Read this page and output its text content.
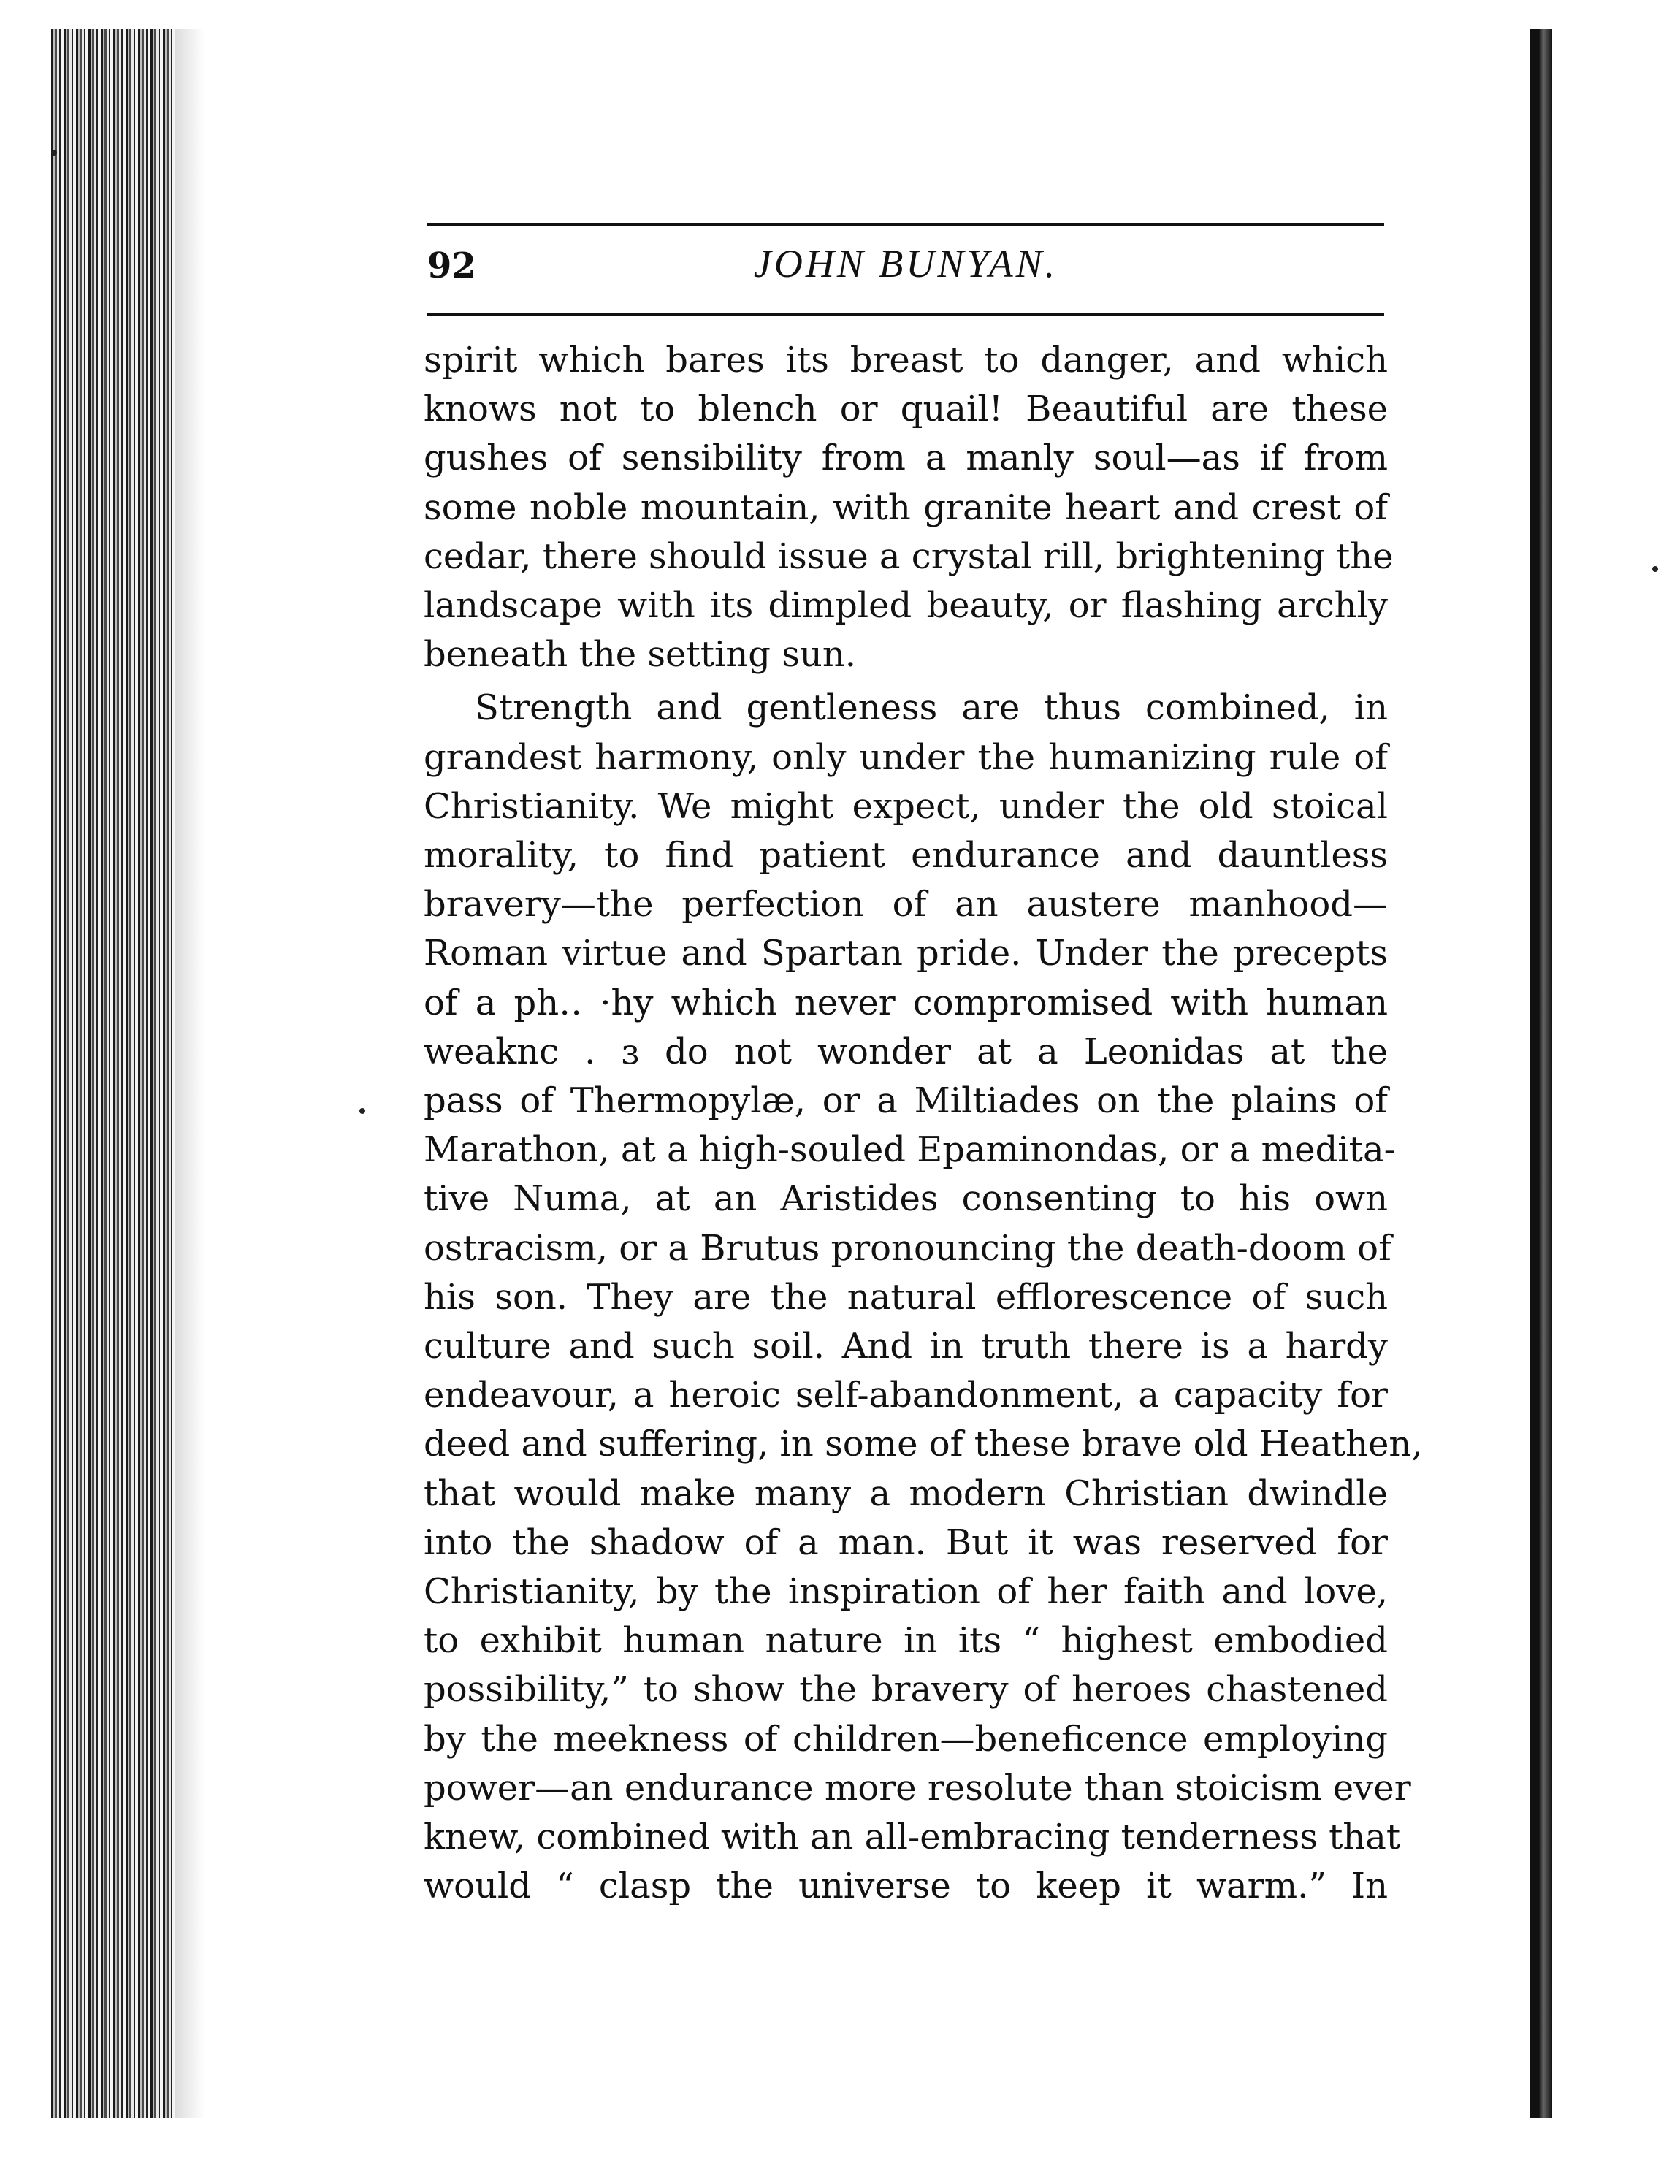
92	JOHN BUNYAN.
spirit which bares its breast to danger, and which
knows not to blench or quail! Beautiful are these
gushes of sensibility from a manly soul—as if from
some noble mountain, with granite heart and crest of
cedar, there should issue a crystal rill, brightening the
landscape with its dimpled beauty, or flashing archly
beneath the setting sun.
Strength and gentleness are thus combined, in
grandest harmony, only under the humanizing rule of
Christianity. We might expect, under the old stoical
morality, to find patient endurance and dauntless
bravery—the perfection of an austere manhood—
Roman virtue and Spartan pride. Under the precepts
of a ph‥ ·hy which never compromised with human
weaknc . ɜ do not wonder at a Leonidas at the
pass of Thermopylæ, or a Miltiades on the plains of
Marathon, at a high-souled Epaminondas, or a medita-
tive Numa, at an Aristides consenting to his own
ostracism, or a Brutus pronouncing the death-doom of
his son. They are the natural efflorescence of such
culture and such soil. And in truth there is a hardy
endeavour, a heroic self-abandonment, a capacity for
deed and suffering, in some of these brave old Heathen,
that would make many a modern Christian dwindle
into the shadow of a man. But it was reserved for
Christianity, by the inspiration of her faith and love,
to exhibit human nature in its “ highest embodied
possibility,” to show the bravery of heroes chastened
by the meekness of children—beneficence employing
power—an endurance more resolute than stoicism ever
knew, combined with an all-embracing tenderness that
would “ clasp the universe to keep it warm.” In
